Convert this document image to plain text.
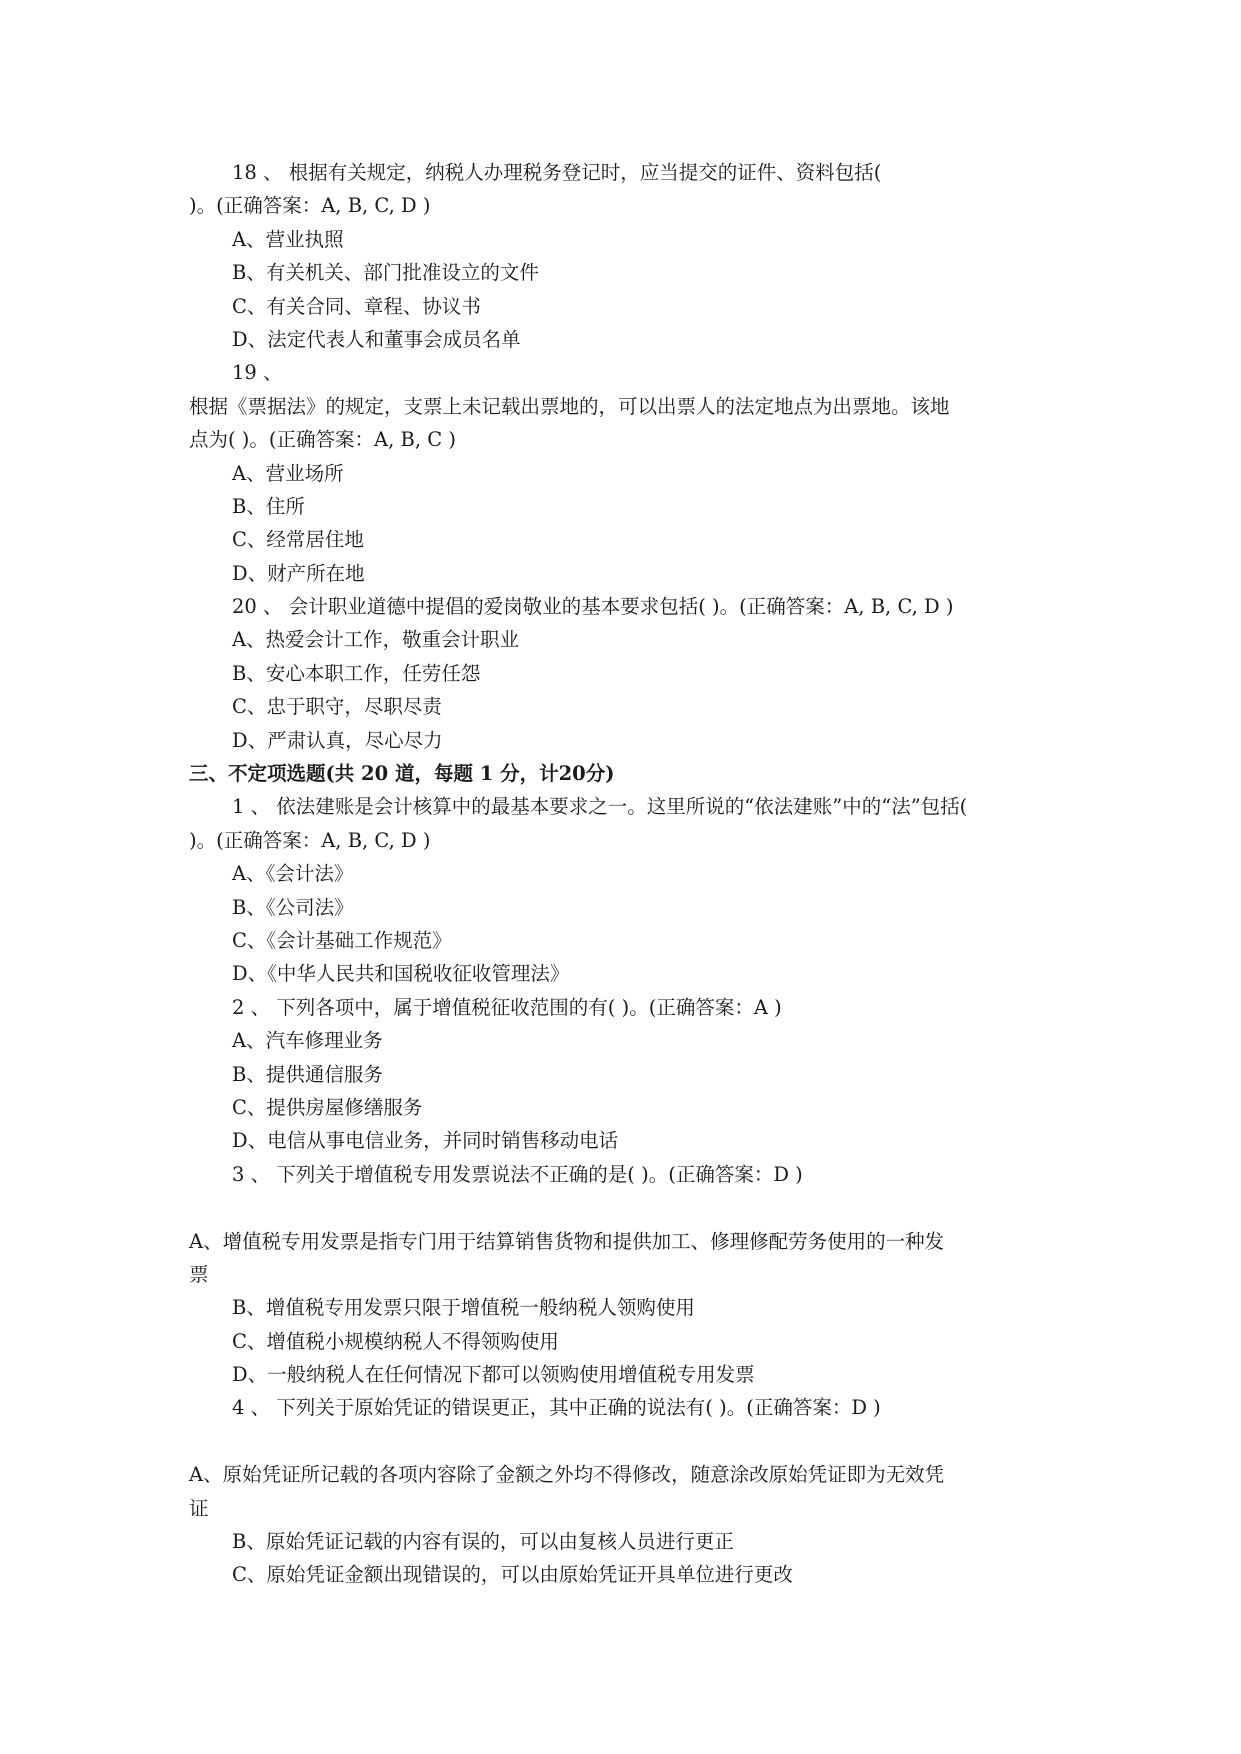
18 、 根据有关规定，纳税人办理税务登记时，应当提交的证件、资料包括(
)。(正确答案：A, B, C, D )
A、营业执照
B、有关机关、部门批准设立的文件
C、有关合同、章程、协议书
D、法定代表人和董事会成员名单
19 、
根据《票据法》的规定，支票上未记载出票地的，可以出票人的法定地点为出票地。该地
点为( )。(正确答案：A, B, C )
A、营业场所
B、住所
C、经常居住地
D、财产所在地
20 、 会计职业道德中提倡的爱岗敬业的基本要求包括( )。(正确答案：A, B, C, D )
A、热爱会计工作，敬重会计职业
B、安心本职工作，任劳任怨
C、忠于职守，尽职尽责
D、严肃认真，尽心尽力
三、不定项选题(共 20 道，每题 1 分，计20分)
1 、 依法建账是会计核算中的最基本要求之一。这里所说的“依法建账”中的“法”包括(
)。(正确答案：A, B, C, D )
A、《会计法》
B、《公司法》
C、《会计基础工作规范》
D、《中华人民共和国税收征收管理法》
2 、 下列各项中，属于增值税征收范围的有( )。(正确答案：A )
A、汽车修理业务
B、提供通信服务
C、提供房屋修缮服务
D、电信从事电信业务，并同时销售移动电话
3 、 下列关于增值税专用发票说法不正确的是( )。(正确答案：D )
A、增值税专用发票是指专门用于结算销售货物和提供加工、修理修配劳务使用的一种发
票
B、增值税专用发票只限于增值税一般纳税人领购使用
C、增值税小规模纳税人不得领购使用
D、一般纳税人在任何情况下都可以领购使用增值税专用发票
4 、 下列关于原始凭证的错误更正，其中正确的说法有( )。(正确答案：D )
A、原始凭证所记载的各项内容除了金额之外均不得修改，随意涂改原始凭证即为无效凭
证
B、原始凭证记载的内容有误的，可以由复核人员进行更正
C、原始凭证金额出现错误的，可以由原始凭证开具单位进行更改
